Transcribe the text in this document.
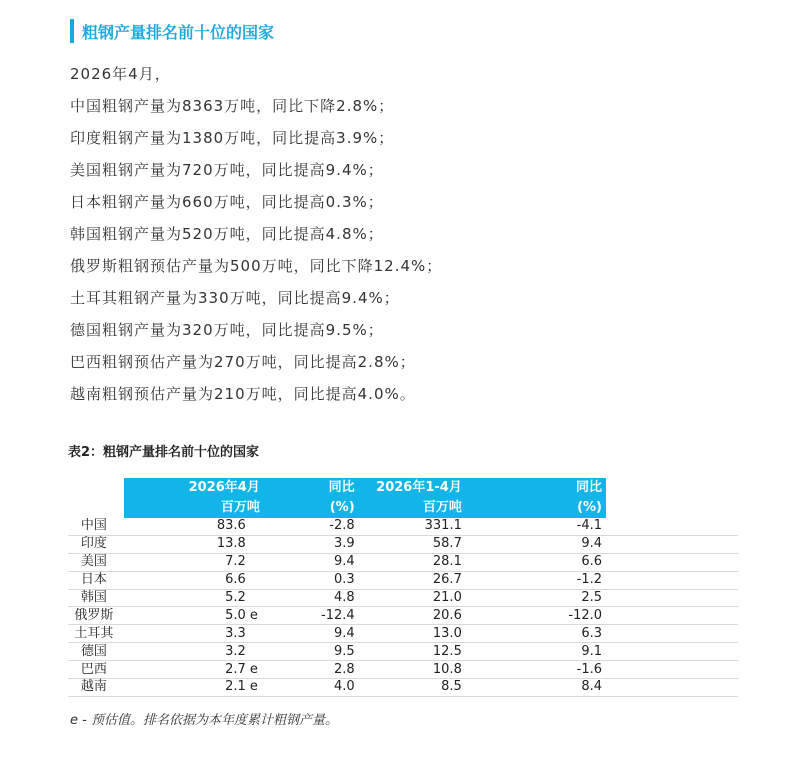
粗钢产量排名前十位的国家
2026年4月，
中国粗钢产量为8363万吨，同比下降2.8%；
印度粗钢产量为1380万吨，同比提高3.9%；
美国粗钢产量为720万吨，同比提高9.4%；
日本粗钢产量为660万吨，同比提高0.3%；
韩国粗钢产量为520万吨，同比提高4.8%；
俄罗斯粗钢预估产量为500万吨，同比下降12.4%；
土耳其粗钢产量为330万吨，同比提高9.4%；
德国粗钢产量为320万吨，同比提高9.5%；
巴西粗钢预估产量为270万吨，同比提高2.8%；
越南粗钢预估产量为210万吨，同比提高4.0%。
表2：粗钢产量排名前十位的国家
	2026年4月	同比	2026年1-4月	同比	
	百万吨	(%)	百万吨	(%)	
中国	83.6	-2.8	331.1	-4.1	
印度	13.8	3.9	58.7	9.4	
美国	7.2	9.4	28.1	6.6	
日本	6.6	0.3	26.7	-1.2	
韩国	5.2	4.8	21.0	2.5	
俄罗斯	5.0 e	-12.4	20.6	-12.0	
土耳其	3.3	9.4	13.0	6.3	
德国	3.2	9.5	12.5	9.1	
巴西	2.7 e	2.8	10.8	-1.6	
越南	2.1 e	4.0	8.5	8.4	
e - 预估值。排名依据为本年度累计粗钢产量。
